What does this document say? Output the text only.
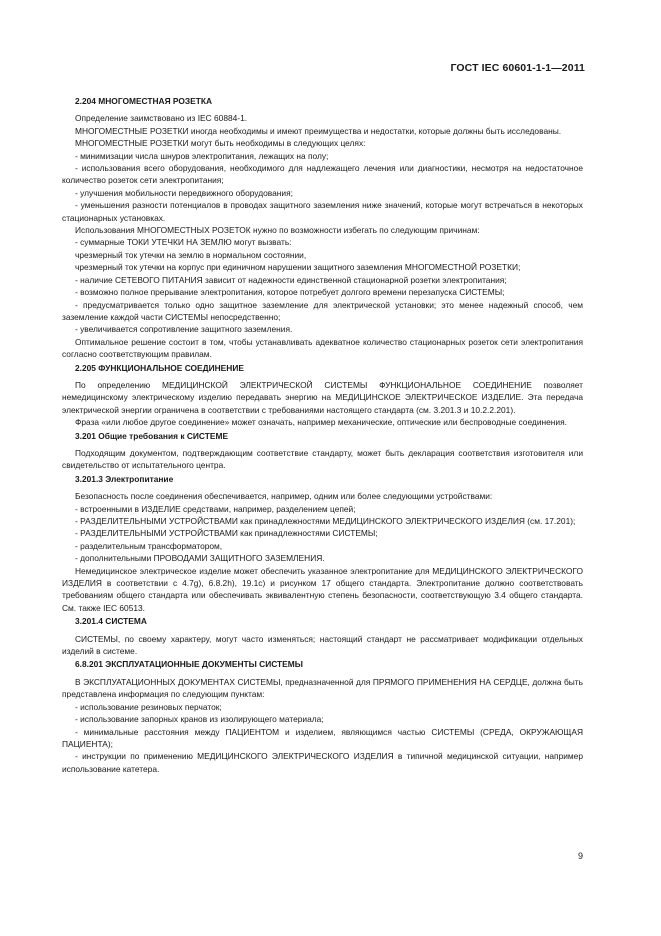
ГОСТ IEC 60601-1-1—2011

2.204 МНОГОМЕСТНАЯ РОЗЕТКА

Определение заимствовано из IEC 60884-1.

МНОГОМЕСТНЫЕ РОЗЕТКИ иногда необходимы и имеют преимущества и недостатки, которые должны быть исследованы.

МНОГОМЕСТНЫЕ РОЗЕТКИ могут быть необходимы в следующих целях:

- минимизации числа шнуров электропитания, лежащих на полу;

- использования всего оборудования, необходимого для надлежащего лечения или диагностики, несмотря на недостаточное количество розеток сети электропитания;

- улучшения мобильности передвижного оборудования;

- уменьшения разности потенциалов в проводах защитного заземления ниже значений, которые могут встречаться в некоторых стационарных установках.

Использования МНОГОМЕСТНЫХ РОЗЕТОК нужно по возможности избегать по следующим причинам:

- суммарные ТОКИ УТЕЧКИ НА ЗЕМЛЮ могут вызвать:

чрезмерный ток утечки на землю в нормальном состоянии,

чрезмерный ток утечки на корпус при единичном нарушении защитного заземления МНОГОМЕСТНОЙ РОЗЕТКИ;

- наличие СЕТЕВОГО ПИТАНИЯ зависит от надежности единственной стационарной розетки электропитания;

- возможно полное прерывание электропитания, которое потребует долгого времени перезапуска СИСТЕМЫ;

- предусматривается только одно защитное заземление для электрической установки; это менее надежный способ, чем заземление каждой части СИСТЕМЫ непосредственно;

- увеличивается сопротивление защитного заземления.

Оптимальное решение состоит в том, чтобы устанавливать адекватное количество стационарных розеток сети электропитания согласно соответствующим правилам.

2.205 ФУНКЦИОНАЛЬНОЕ СОЕДИНЕНИЕ

По определению МЕДИЦИНСКОЙ ЭЛЕКТРИЧЕСКОЙ СИСТЕМЫ ФУНКЦИОНАЛЬНОЕ СОЕДИНЕНИЕ позволяет немедицинскому электрическому изделию передавать энергию на МЕДИЦИНСКОЕ ЭЛЕКТРИЧЕСКОЕ ИЗДЕЛИЕ. Эта передача электрической энергии ограничена в соответствии с требованиями настоящего стандарта (см. 3.201.3 и 10.2.2.201).

Фраза «или любое другое соединение» может означать, например механические, оптические или беспроводные соединения.

3.201 Общие требования к СИСТЕМЕ

Подходящим документом, подтверждающим соответствие стандарту, может быть декларация соответствия изготовителя или свидетельство от испытательного центра.

3.201.3 Электропитание

Безопасность после соединения обеспечивается, например, одним или более следующими устройствами:

- встроенными в ИЗДЕЛИЕ средствами, например, разделением цепей;

- РАЗДЕЛИТЕЛЬНЫМИ УСТРОЙСТВАМИ как принадлежностями МЕДИЦИНСКОГО ЭЛЕКТРИЧЕСКОГО ИЗДЕЛИЯ (см. 17.201);

- РАЗДЕЛИТЕЛЬНЫМИ УСТРОЙСТВАМИ как принадлежностями СИСТЕМЫ;

- разделительным трансформатором,

- дополнительными ПРОВОДАМИ ЗАЩИТНОГО ЗАЗЕМЛЕНИЯ.

Немедицинское электрическое изделие может обеспечить указанное электропитание для МЕДИЦИНСКОГО ЭЛЕКТРИЧЕСКОГО ИЗДЕЛИЯ в соответствии с 4.7g), 6.8.2h), 19.1c) и рисунком 17 общего стандарта. Электропитание должно соответствовать требованиям общего стандарта или обеспечивать эквивалентную степень безопасности, соответствующую 3.4 общего стандарта. См. также IEC 60513.

3.201.4 СИСТЕМА

СИСТЕМЫ, по своему характеру, могут часто изменяться; настоящий стандарт не рассматривает модификации отдельных изделий в системе.

6.8.201 ЭКСПЛУАТАЦИОННЫЕ ДОКУМЕНТЫ СИСТЕМЫ

В ЭКСПЛУАТАЦИОННЫХ ДОКУМЕНТАХ СИСТЕМЫ, предназначенной для ПРЯМОГО ПРИМЕНЕНИЯ НА СЕРДЦЕ, должна быть представлена информация по следующим пунктам:

- использование резиновых перчаток;

- использование запорных кранов из изолирующего материала;

- минимальные расстояния между ПАЦИЕНТОМ и изделием, являющимся частью СИСТЕМЫ (СРЕДА, ОКРУЖАЮЩАЯ ПАЦИЕНТА);

- инструкции по применению МЕДИЦИНСКОГО ЭЛЕКТРИЧЕСКОГО ИЗДЕЛИЯ в типичной медицинской ситуации, например использование катетера.

9
